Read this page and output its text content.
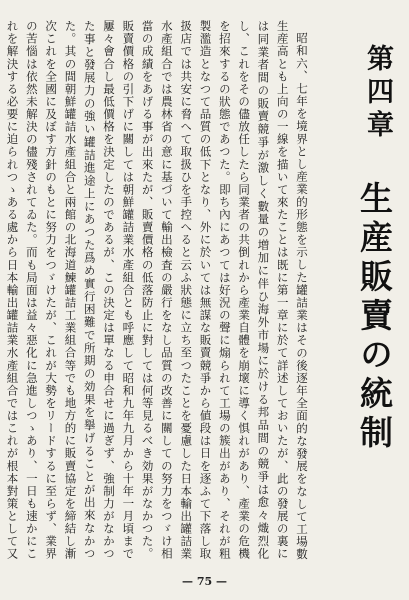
第四章
生産販賣の統制

昭和六、七年を境界とし産業的形態を示した罐詰業はその後逐年全面的な發展をなして工場數生産高とも上向の一線を描いて來たことは既に第一章に於て詳述しておいたが、此の發展の裏には同業者間の販賣競爭が激しく數量の増加に伴ひ海外市場に於ける邦品間の競爭は愈々熾烈化し、これをその儘放任したら同業者の共倒れから產業自體を崩壞に導く惧れがあり、產業の危機を招來するの狀態であつた。即ち內にあつては好況の聲に煽られて工場の簇出があり、それが粗製濫造となつて品質の低下となり、外に於いては無謀な販賣競爭から値段は日を逐ふて下落し取扱店では共安に脅へて取扱ひを手控へると云ふ狀態に立ち至つたことを憂慮した日本輸出罐詰業水產組合では農林省の意に基づいて輸出檢査の嚴行をなし品質の改善に關しての努力をつゞけ相當の成績をあげる事が出來たが、販賣價格の低落防止に對しては何等見るべき効果がなかつた。販賣價格の引下げに關しては朝鮮罐詰業水產組合とも呼應して昭和九年九月から十年一月頃まで屢々會合し最低價格を決定したのであるが、この決定は單なる申合せに過ぎず、強制力がなかつた事と發展力の強い罐詰進途上にあつた爲め實行困難で所期の効果を擧げることが出來なかつた。其の間朝鮮罐詰水產組合と兩館の北海道鰊罐詰工業組合等でも地方的に販賣協定を締結し漸次これを全國に及ぼす方針のもとに努力をつゞけたが、これが大勢をリードするに至らず、業界の苦惱は依然未解決の儘殘されてゐた。而も局面は益々惡化に急進しつゝあり、一日も速かにこれを解決する必要に迫られつゝある處から日本輸出罐詰業水產組合ではこれが根本對策として又

— 75 —
